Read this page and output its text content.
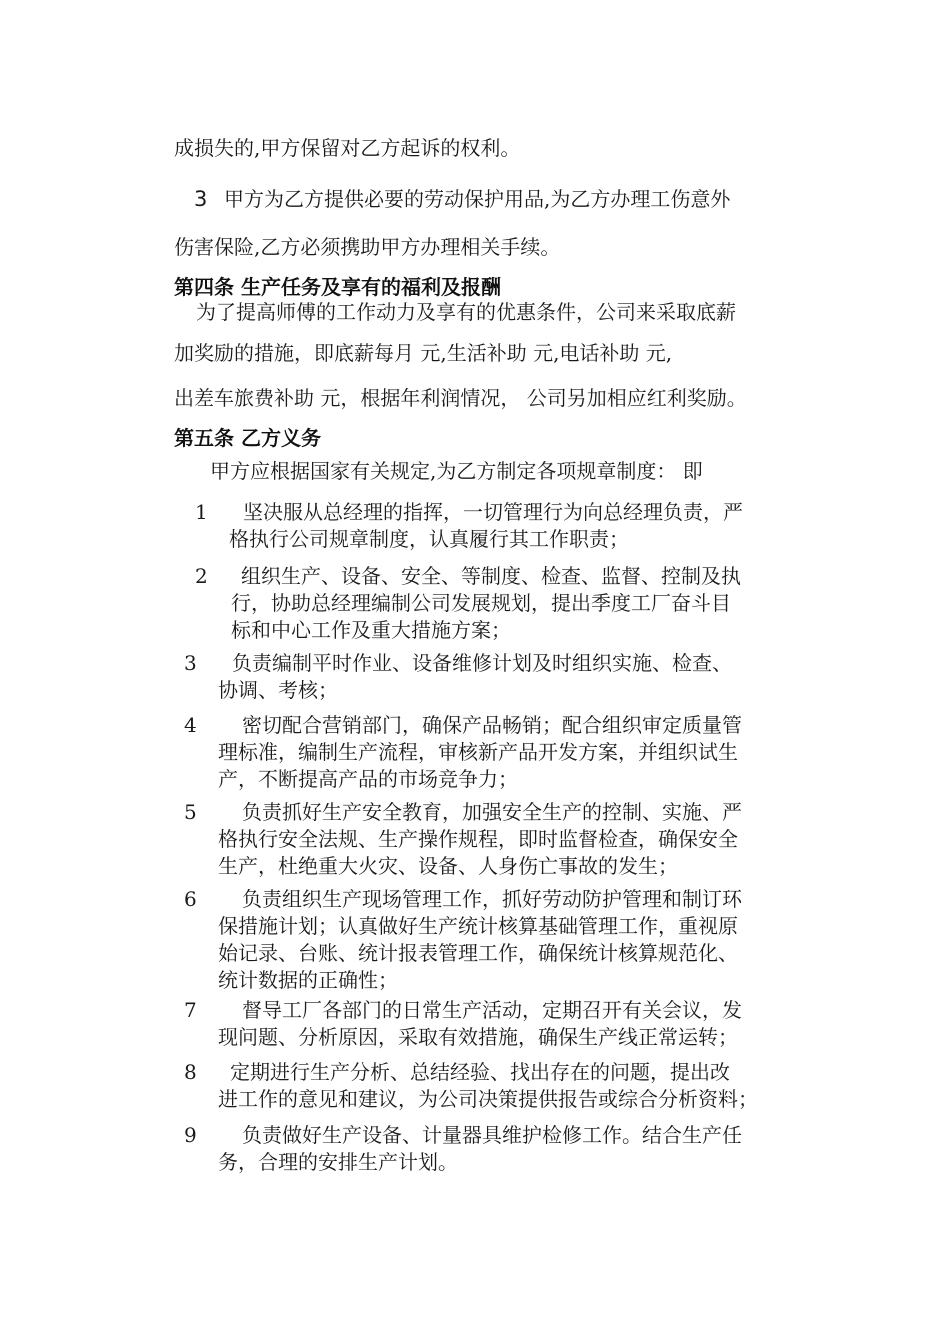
成损失的,甲方保留对乙方起诉的权利。
3 甲方为乙方提供必要的劳动保护用品,为乙方办理工伤意外
伤害保险,乙方必须携助甲方办理相关手续。
第四条 生产任务及享有的福利及报酬
为了提高师傅的工作动力及享有的优惠条件，公司来采取底薪
加奖励的措施，即底薪每月 元,生活补助 元,电话补助 元,
出差车旅费补助 元，根据年利润情况， 公司另加相应红利奖励。
第五条 乙方义务
甲方应根据国家有关规定,为乙方制定各项规章制度： 即
1	坚决服从总经理的指挥，一切管理行为向总经理负责，严
格执行公司规章制度，认真履行其工作职责；
2	组织生产、设备、安全、等制度、检查、监督、控制及执
行，协助总经理编制公司发展规划，提出季度工厂奋斗目
标和中心工作及重大措施方案；
3	负责编制平时作业、设备维修计划及时组织实施、检查、
协调、考核；
4	密切配合营销部门，确保产品畅销；配合组织审定质量管
理标准，编制生产流程，审核新产品开发方案，并组织试生
产，不断提高产品的市场竞争力；
5	负责抓好生产安全教育，加强安全生产的控制、实施、严
格执行安全法规、生产操作规程，即时监督检查，确保安全
生产，杜绝重大火灾、设备、人身伤亡事故的发生；
6	负责组织生产现场管理工作，抓好劳动防护管理和制订环
保措施计划；认真做好生产统计核算基础管理工作，重视原
始记录、台账、统计报表管理工作，确保统计核算规范化、
统计数据的正确性；
7	督导工厂各部门的日常生产活动，定期召开有关会议，发
现问题、分析原因，采取有效措施，确保生产线正常运转；
8	定期进行生产分析、总结经验、找出存在的问题，提出改
进工作的意见和建议，为公司决策提供报告或综合分析资料；
9	负责做好生产设备、计量器具维护检修工作。结合生产任
务，合理的安排生产计划。
